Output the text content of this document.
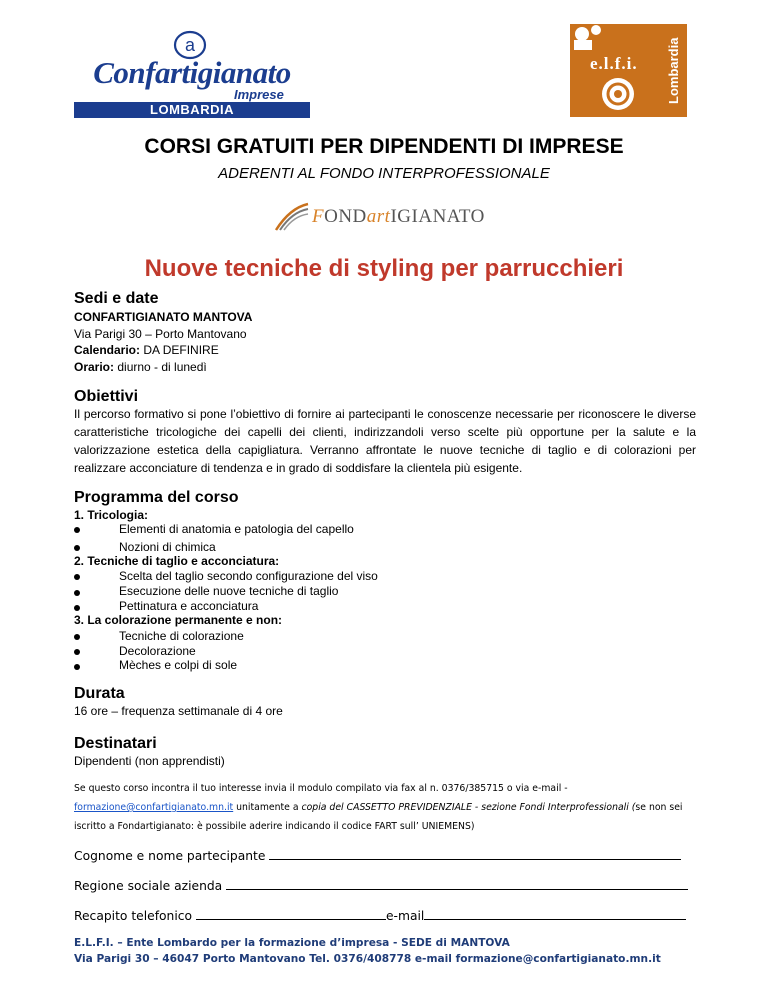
a
Confartigianato
Imprese
LOMBARDIA
e.l.f.i. Lombardia
CORSI GRATUITI PER DIPENDENTI DI IMPRESE
ADERENTI AL FONDO INTERPROFESSIONALE
FONDartIGIANATO
Nuove tecniche di styling per parrucchieri
Sedi e date
CONFARTIGIANATO MANTOVA
Via Parigi 30 – Porto Mantovano
Calendario: DA DEFINIRE
Orario: diurno - di lunedì
Obiettivi
Il percorso formativo si pone l’obiettivo di fornire ai partecipanti le conoscenze necessarie per riconoscere le diverse caratteristiche tricologiche dei capelli dei clienti, indirizzandoli verso scelte più opportune per la salute e la valorizzazione estetica della capigliatura. Verranno affrontate le nuove tecniche di taglio e di colorazioni per realizzare acconciature di tendenza e in grado di soddisfare la clientela più esigente.
Programma del corso
1. Tricologia:
Elementi di anatomia e patologia del capello
Nozioni di chimica
2. Tecniche di taglio e acconciatura:
Scelta del taglio secondo configurazione del viso
Esecuzione delle nuove tecniche di taglio
Pettinatura e acconciatura
3. La colorazione permanente e non:
Tecniche di colorazione
Decolorazione
Mèches e colpi di sole
Durata
16 ore – frequenza settimanale di 4 ore
Destinatari
Dipendenti (non apprendisti)
Se questo corso incontra il tuo interesse invia il modulo compilato via fax al n. 0376/385715 o via e-mail - formazione@confartigianato.mn.it unitamente a copia del CASSETTO PREVIDENZIALE - sezione Fondi Interprofessionali (se non sei iscritto a Fondartigianato: è possibile aderire indicando il codice FART sull’ UNIEMENS)
Cognome e nome partecipante
Regione sociale azienda
Recapito telefonico	e-mail
E.L.F.I. – Ente Lombardo per la formazione d’impresa - SEDE di MANTOVA
Via Parigi 30 – 46047 Porto Mantovano Tel. 0376/408778 e-mail formazione@confartigianato.mn.it
